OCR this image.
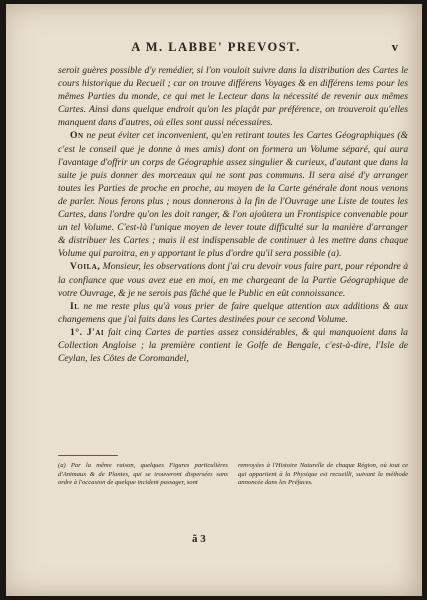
A M. LABBE' PREVOST.	v

seroit guères possible d'y remédier, si l'on vouloit suivre dans la distribution des Cartes le cours historique du Recueil ; car on trouve différens Voyages & en différens tems pour les mêmes Parties du monde, ce qui met le Lecteur dans la nécessité de revenir aux mêmes Cartes. Ainsi dans quelque endroit qu'on les plaçât par préférence, on trouveroit qu'elles manquent dans d'autres, où elles sont aussi nécessaires.

On ne peut éviter cet inconvenient, qu'en retirant toutes les Cartes Géographiques (& c'est le conseil que je donne à mes amis) dont on formera un Volume séparé, qui aura l'avantage d'offrir un corps de Géographie assez singulier & curieux, d'autant que dans la suite je puis donner des morceaux qui ne sont pas communs. Il sera aisé d'y arranger toutes les Parties de proche en proche, au moyen de la Carte générale dont nous venons de parler. Nous ferons plus ; nous donnerons à la fin de l'Ouvrage une Liste de toutes les Cartes, dans l'ordre qu'on les doit ranger, & l'on ajoûtera un Frontispice convenable pour un tel Volume. C'est-là l'unique moyen de lever toute difficulté sur la manière d'arranger & distribuer les Cartes ; mais il est indispensable de continuer à les mettre dans chaque Volume qui paroitra, en y apportant le plus d'ordre qu'il sera possible (a).

Voila, Monsieur, les observations dont j'ai cru devoir vous faire part, pour répondre à la confiance que vous avez eue en moi, en me chargeant de la Partie Géographique de votre Ouvrage, & je ne serois pas fâché que le Public en eût connoissance.

Il ne me reste plus qu'à vous prier de faire quelque attention aux additions & aux changemens que j'ai faits dans les Cartes destinées pour ce second Volume.

1°. J'ai fait cinq Cartes de parties assez considérables, & qui manquoient dans la Collection Angloise ; la première contient le Golfe de Bengale, c'est-à-dire, l'Isle de Ceylan, les Côtes de Coromandel,

(a) Par la même raison, quelques Figures particulières d'Animaux & de Plantes, qui se trouveront dispersées sans ordre à l'occasion de quelque incident passager, sont
renvoyées à l'Histoire Naturelle de chaque Région, où tout ce qui appartient à la Physique est recueilli, suivant la méthode annoncée dans les Préfaces.
ã 3
